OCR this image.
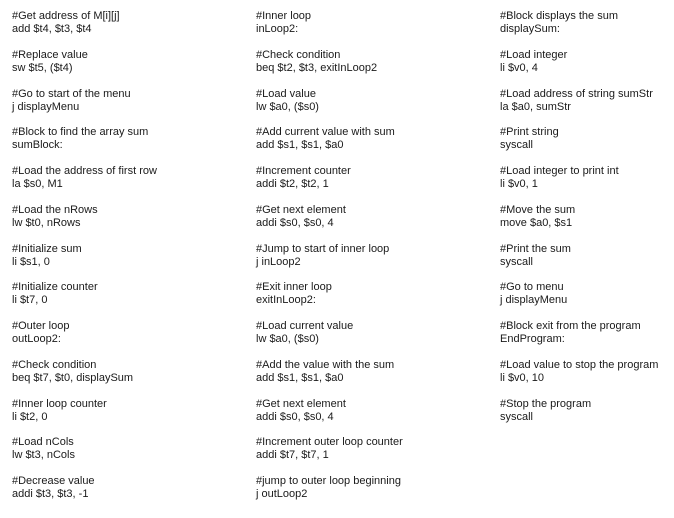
#Get address of M[i][j]
add $t4, $t3, $t4
#Replace value
sw $t5, ($t4)
#Go to start of the menu
j displayMenu
#Block to find the array sum
sumBlock:
#Load the address of first row
la $s0, M1
#Load the nRows
lw $t0, nRows
#Initialize sum
li $s1, 0
#Initialize counter
li $t7, 0
#Outer loop
outLoop2:
#Check condition
beq $t7, $t0, displaySum
#Inner loop counter
li $t2, 0
#Load nCols
lw $t3, nCols
#Decrease value
addi $t3, $t3, -1
#Inner loop
inLoop2:
#Check condition
beq $t2, $t3, exitInLoop2
#Load value
lw $a0, ($s0)
#Add current value with sum
add $s1, $s1, $a0
#Increment counter
addi $t2, $t2, 1
#Get next element
addi $s0, $s0, 4
#Jump to start of inner loop
j inLoop2
#Exit inner loop
exitInLoop2:
#Load current value
lw $a0, ($s0)
#Add the value with the sum
add $s1, $s1, $a0
#Get next element
addi $s0, $s0, 4
#Increment outer loop counter
addi $t7, $t7, 1
#jump to outer loop beginning
j outLoop2
#Block displays the sum
displaySum:
#Load integer
li $v0, 4
#Load address of string sumStr
la $a0, sumStr
#Print string
syscall
#Load integer to print int
li $v0, 1
#Move the sum
move $a0, $s1
#Print the sum
syscall
#Go to menu
j displayMenu
#Block exit from the program
EndProgram:
#Load value to stop the program
li $v0, 10
#Stop the program
syscall
